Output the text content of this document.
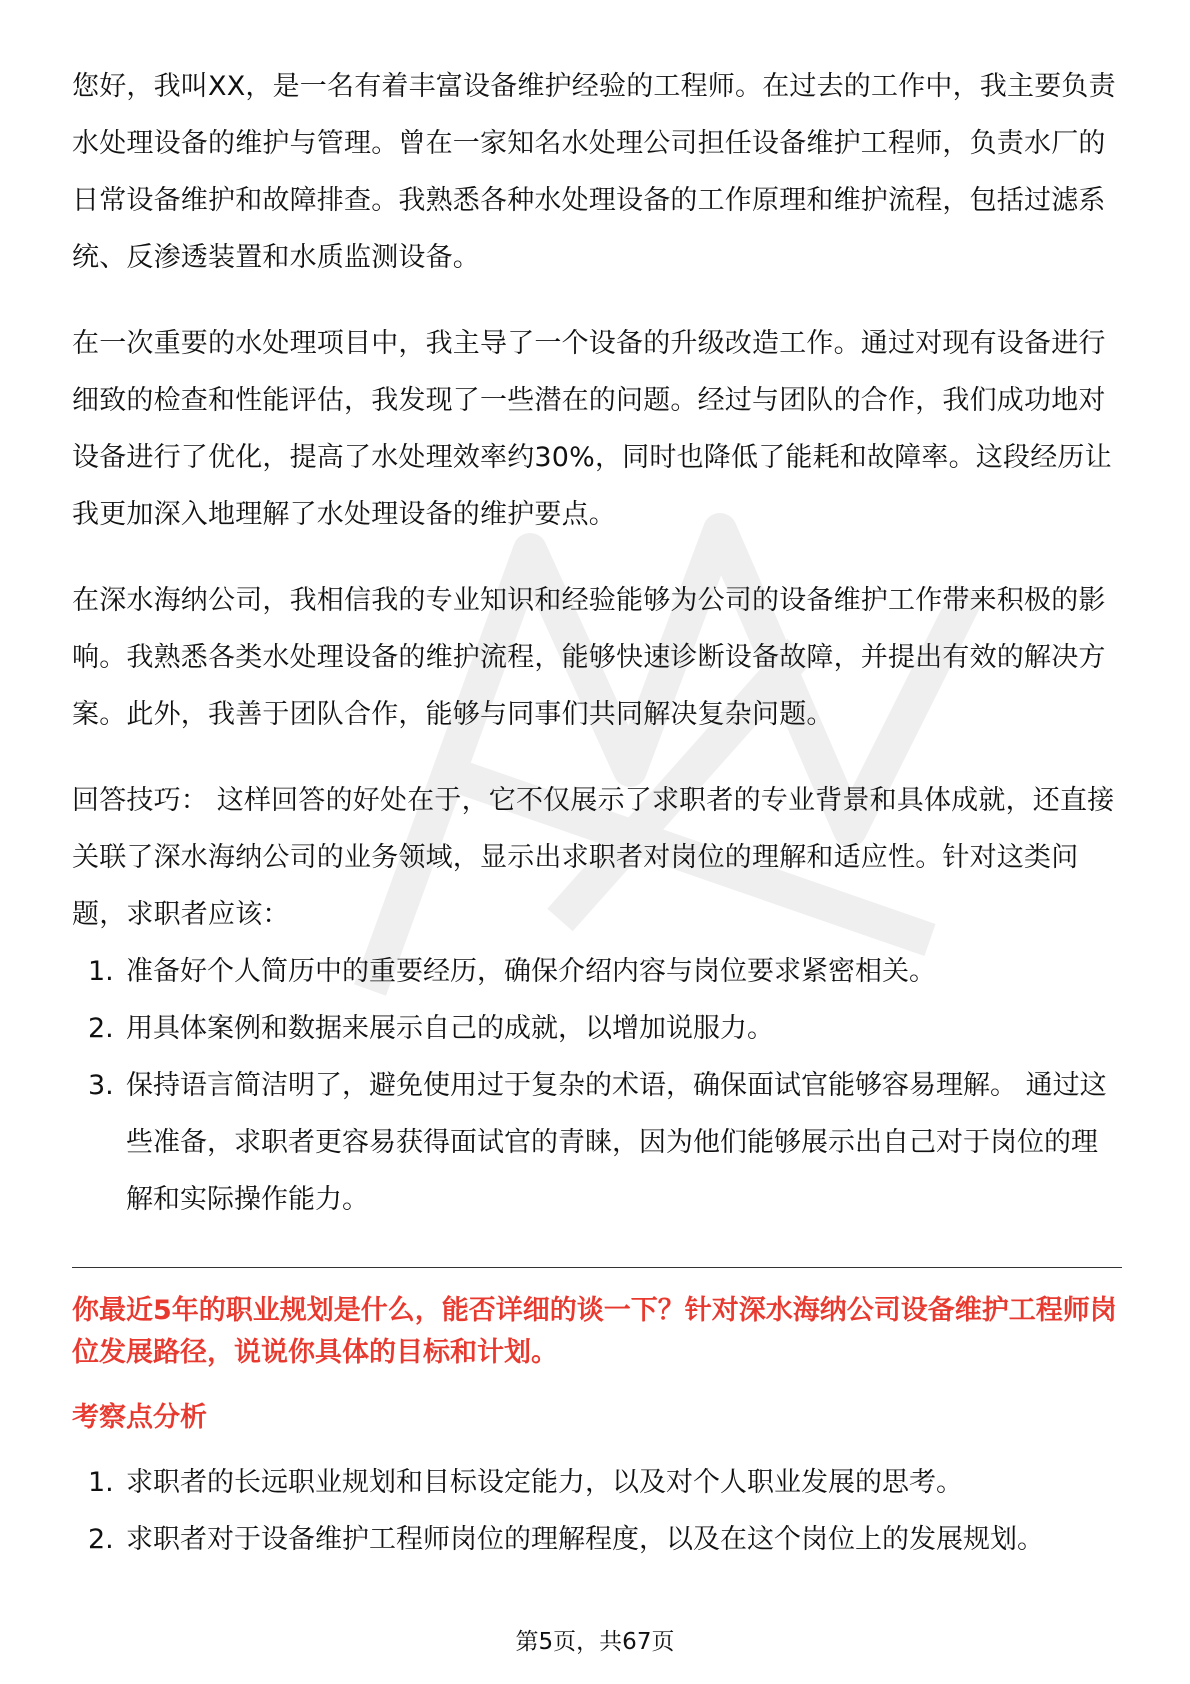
您好，我叫XX，是一名有着丰富设备维护经验的工程师。在过去的工作中，我主要负责水处理设备的维护与管理。曾在一家知名水处理公司担任设备维护工程师，负责水厂的日常设备维护和故障排查。我熟悉各种水处理设备的工作原理和维护流程，包括过滤系统、反渗透装置和水质监测设备。

在一次重要的水处理项目中，我主导了一个设备的升级改造工作。通过对现有设备进行细致的检查和性能评估，我发现了一些潜在的问题。经过与团队的合作，我们成功地对设备进行了优化，提高了水处理效率约30%，同时也降低了能耗和故障率。这段经历让我更加深入地理解了水处理设备的维护要点。

在深水海纳公司，我相信我的专业知识和经验能够为公司的设备维护工作带来积极的影响。我熟悉各类水处理设备的维护流程，能够快速诊断设备故障，并提出有效的解决方案。此外，我善于团队合作，能够与同事们共同解决复杂问题。

回答技巧： 这样回答的好处在于，它不仅展示了求职者的专业背景和具体成就，还直接关联了深水海纳公司的业务领域，显示出求职者对岗位的理解和适应性。针对这类问题，求职者应该：

1. 准备好个人简历中的重要经历，确保介绍内容与岗位要求紧密相关。
2. 用具体案例和数据来展示自己的成就，以增加说服力。
3. 保持语言简洁明了，避免使用过于复杂的术语，确保面试官能够容易理解。 通过这些准备，求职者更容易获得面试官的青睐，因为他们能够展示出自己对于岗位的理解和实际操作能力。
你最近5年的职业规划是什么，能否详细的谈一下？针对深水海纳公司设备维护工程师岗位发展路径，说说你具体的目标和计划。
考察点分析
1. 求职者的长远职业规划和目标设定能力，以及对个人职业发展的思考。
2. 求职者对于设备维护工程师岗位的理解程度，以及在这个岗位上的发展规划。
第5页，共67页
